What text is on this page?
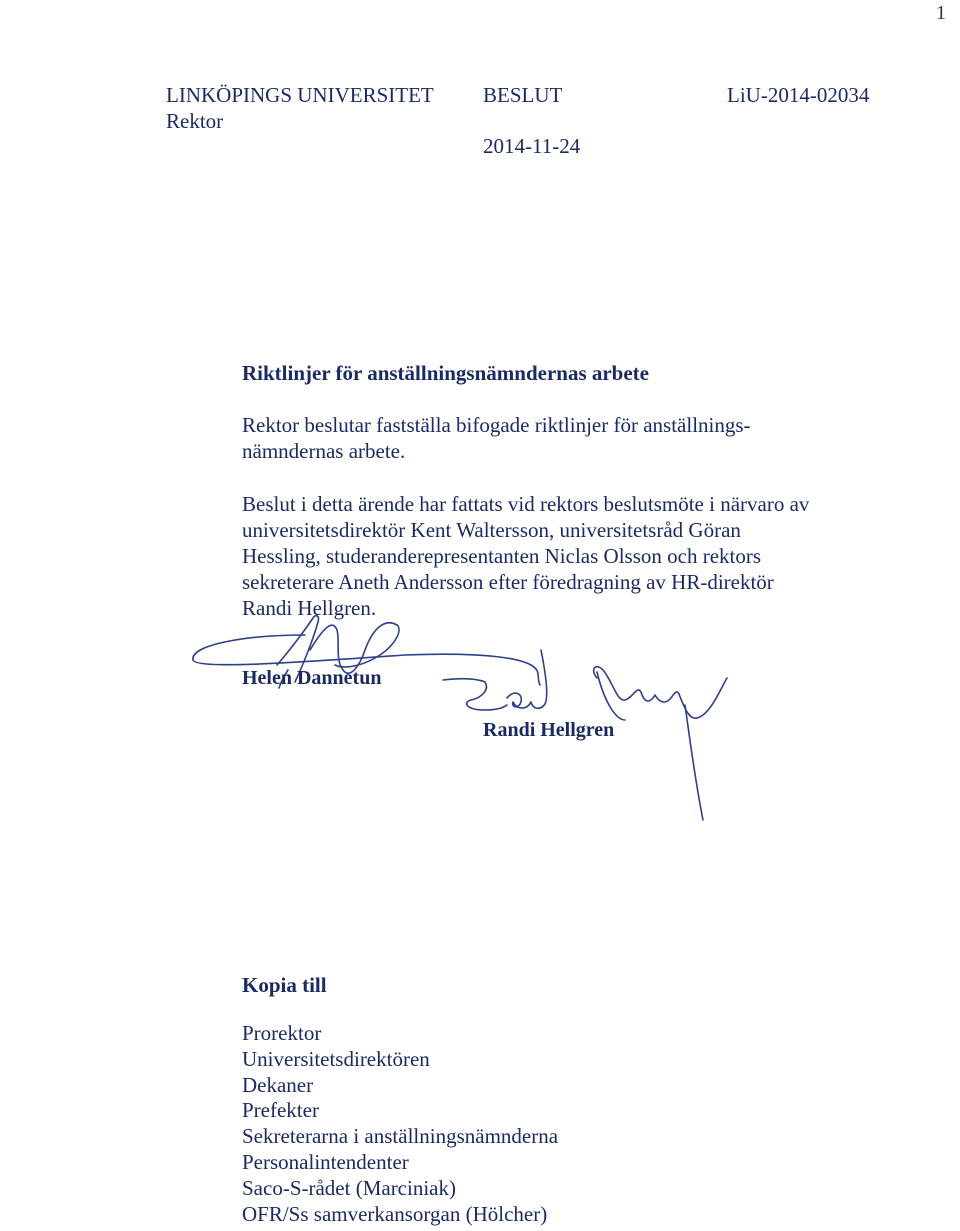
1
LINKÖPINGS UNIVERSITET BESLUT	LiU-2014-02034
Rektor
2014-11-24
Riktlinjer för anställningsnämndernas arbete
Rektor beslutar fastställa bifogade riktlinjer för anställnings-nämndernas arbete.
Beslut i detta ärende har fattats vid rektors beslutsmöte i närvaro av universitetsdirektör Kent Waltersson, universitetsråd Göran Hessling, studeranderepresentanten Niclas Olsson och rektors sekreterare Aneth Andersson efter föredragning av HR-direktör Randi Hellgren.
Helen Dannetun
Randi Hellgren
Kopia till
Prorektor
Universitetsdirektören
Dekaner
Prefekter
Sekreterarna i anställningsnämnderna
Personalintendenter
Saco-S-rådet (Marciniak)
OFR/Ss samverkansorgan (Hölcher)
